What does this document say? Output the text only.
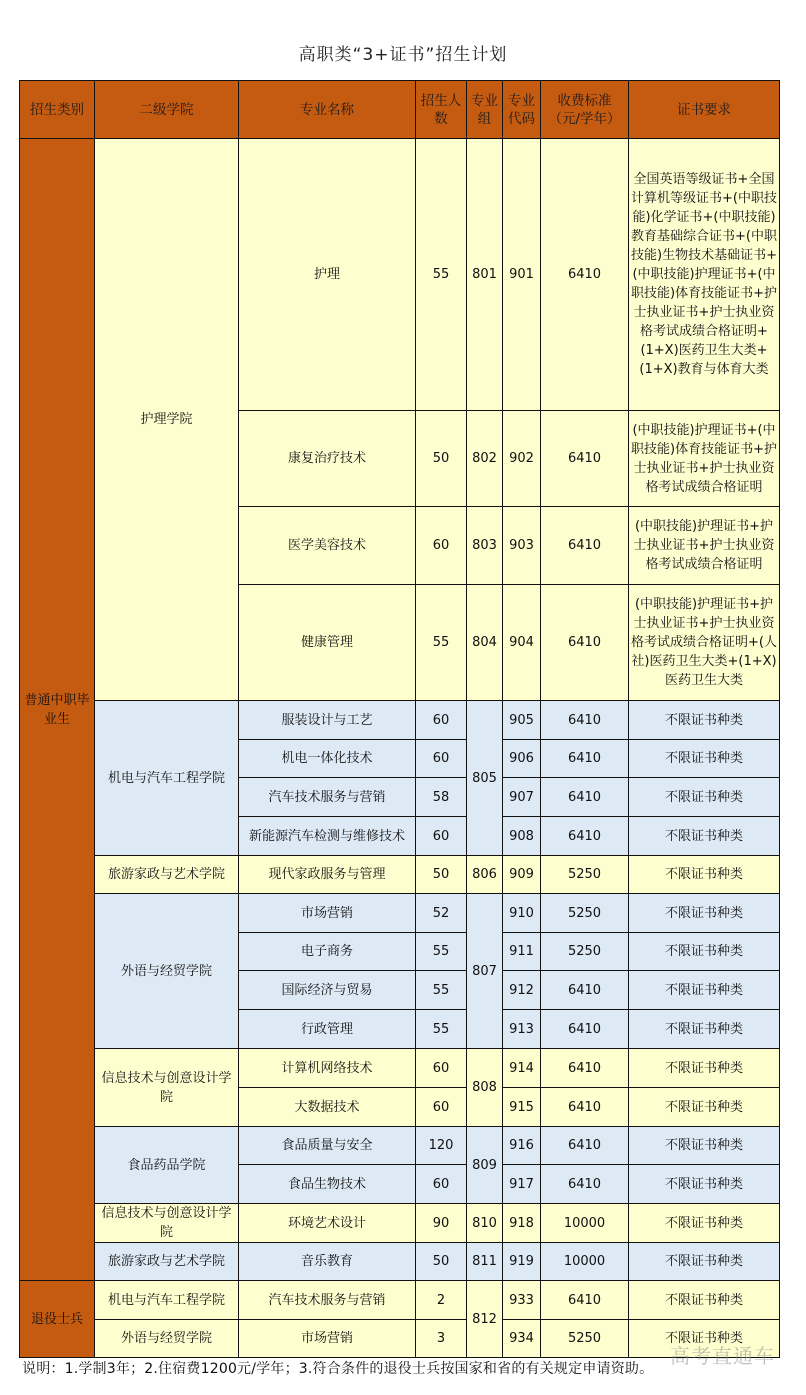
高职类“3+证书”招生计划
招生类别	二级学院	专业名称	招生人数	专业组	专业代码	收费标准（元/学年）	证书要求
普通中职毕业生	护理学院	护理	55	801	901	6410	全国英语等级证书+全国计算机等级证书+(中职技能)化学证书+(中职技能)教育基础综合证书+(中职技能)生物技术基础证书+(中职技能)护理证书+(中职技能)体育技能证书+护士执业证书+护士执业资格考试成绩合格证明+(1+X)医药卫生大类+(1+X)教育与体育大类
		康复治疗技术	50	802	902	6410	(中职技能)护理证书+(中职技能)体育技能证书+护士执业证书+护士执业资格考试成绩合格证明
		医学美容技术	60	803	903	6410	(中职技能)护理证书+护士执业证书+护士执业资格考试成绩合格证明
		健康管理	55	804	904	6410	(中职技能)护理证书+护士执业证书+护士执业资格考试成绩合格证明+(人社)医药卫生大类+(1+X)医药卫生大类
	机电与汽车工程学院	服装设计与工艺	60	805	905	6410	不限证书种类
		机电一体化技术	60		906	6410	不限证书种类
		汽车技术服务与营销	58		907	6410	不限证书种类
		新能源汽车检测与维修技术	60		908	6410	不限证书种类
	旅游家政与艺术学院	现代家政服务与管理	50	806	909	5250	不限证书种类
	外语与经贸学院	市场营销	52	807	910	5250	不限证书种类
		电子商务	55		911	5250	不限证书种类
		国际经济与贸易	55		912	6410	不限证书种类
		行政管理	55		913	6410	不限证书种类
	信息技术与创意设计学院	计算机网络技术	60	808	914	6410	不限证书种类
		大数据技术	60		915	6410	不限证书种类
	食品药品学院	食品质量与安全	120	809	916	6410	不限证书种类
		食品生物技术	60		917	6410	不限证书种类
	信息技术与创意设计学院	环境艺术设计	90	810	918	10000	不限证书种类
	旅游家政与艺术学院	音乐教育	50	811	919	10000	不限证书种类
退役士兵	机电与汽车工程学院	汽车技术服务与营销	2	812	933	6410	不限证书种类
	外语与经贸学院	市场营销	3		934	5250	不限证书种类
说明：1.学制3年；2.住宿费1200元/学年；3.符合条件的退役士兵按国家和省的有关规定申请资助。
高考直通车
